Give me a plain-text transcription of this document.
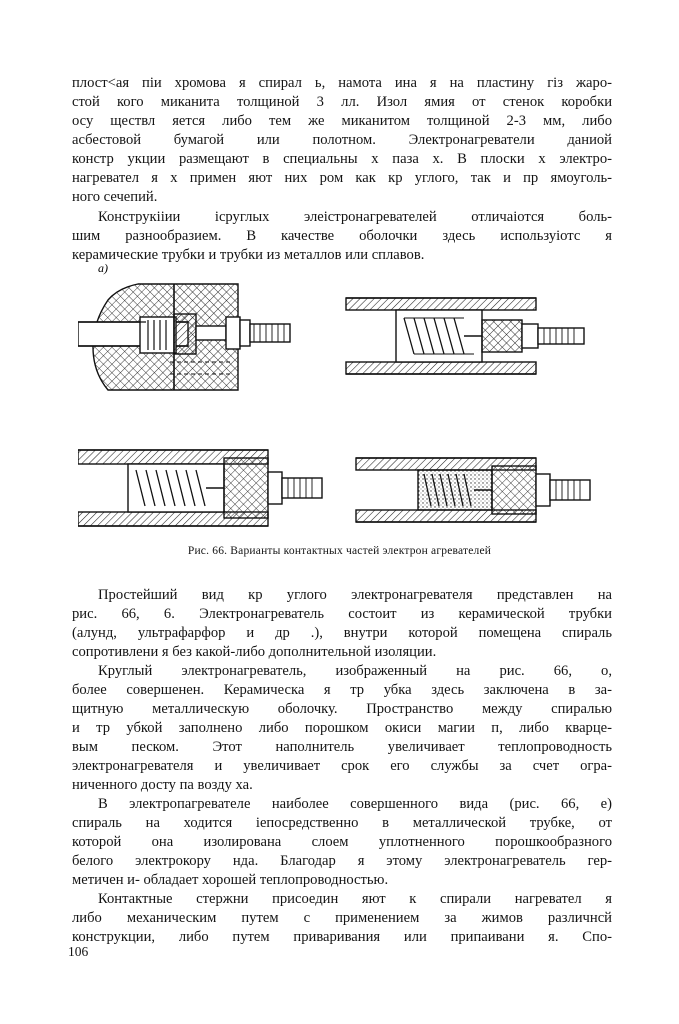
плост<ая пiи хромова я спирал ь, намота ина я на пластину гiз жаро-
стой кого миканита толщиной 3 лл. Изол ямия от стенок коробки
осу ществл яется либо тем же миканитом толщиной 2-3 мм, либо
асбестовой бумагой или полотном. Электронагреватели даниой
констр укции размещают в специальны х паза х. В плоски х электро-
нагревател я х примен яют них ром как кр углого, так и пр ямоуголь-
ного сечепий.

Конструкiiии iсруглых элеiстронагревателей отличаiотся боль-
шим разнообразием. В качестве оболочки здесь используiотс я
керамические трубки и трубки из металлов или сплавов.

а)
Рис. 66. Варианты контактных частей электрон агревателей

Простейший вид кр углого электронагревателя представлен на
рис. 66, 6. Электронагреватель состоит из керамической трубки
(алунд, ультрафарфор и др .), внутри которой помещена спираль
сопротивлени я без какой-либо дополнительной изоляции.

Круглый электронагреватель, изображенный на рис. 66, о,
более совершенен. Керамическа я тр убка здесь заключена в за-
щитную металлическую оболочку. Пространство между спиралью
и тр убкой заполнено либо порошком окиси магии п, либо кварце-
вым песком. Этот наполнитель увеличивает теплопроводность
электронагревателя и увеличивает срок его службы за счет огра-
ниченного досту па возду ха.

В электропагревателе наиболее совершенного вида (рис. 66, е)
спираль на ходится iепосредственно в металлической трубке, от
которой она изолирована слоем уплотненного порошкообразного
белого электрокору нда. Благодар я этому электронагреватель гер-
метичен и- обладает хорошей теплопроводностью.

Контактные стержни присоедин яют к спирали нагревател я
либо механическим путем с применением за жимов различнсй
конструкции, либо путем приваривания или припаивани я. Спо-

106
